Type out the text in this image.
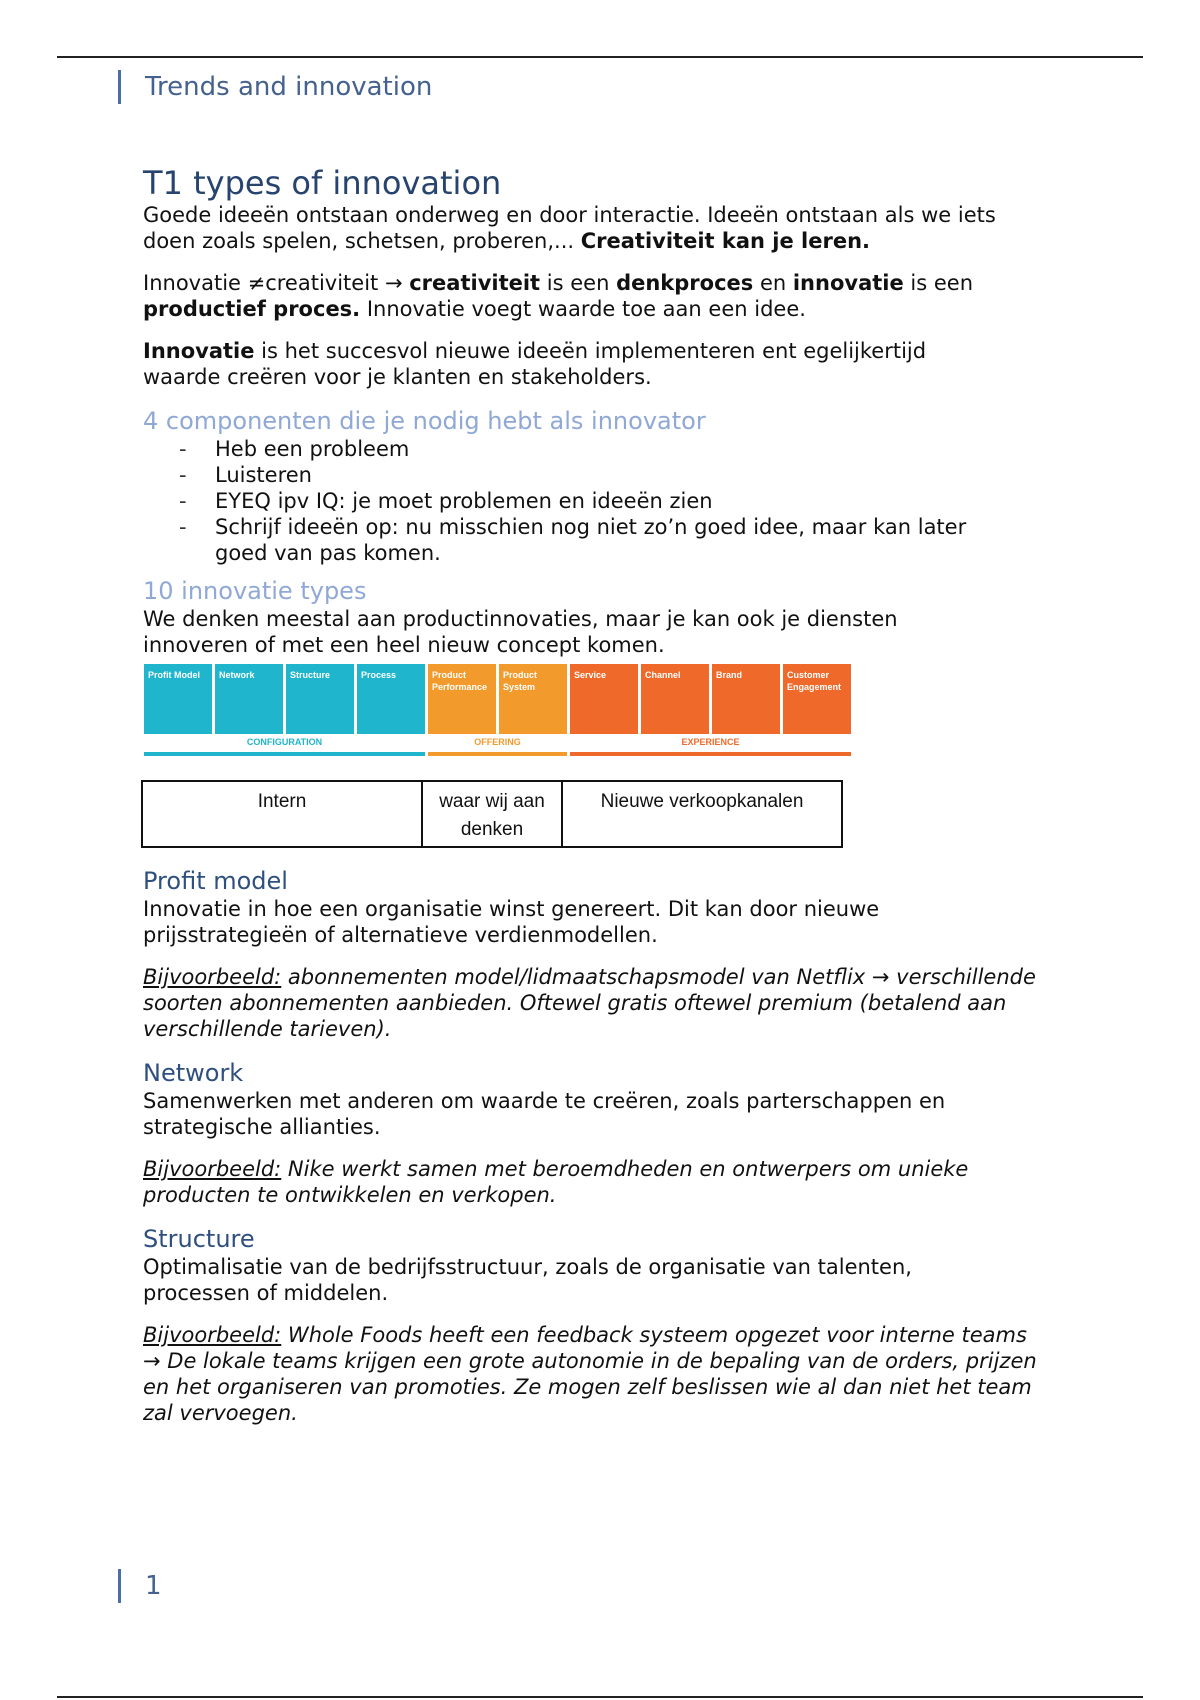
Trends and innovation
T1 types of innovation

Goede ideeën ontstaan onderweg en door interactie. Ideeën ontstaan als we iets doen zoals spelen, schetsen, proberen,... Creativiteit kan je leren.

Innovatie ≠creativiteit → creativiteit is een denkproces en innovatie is een
productief proces. Innovatie voegt waarde toe aan een idee.

Innovatie is het succesvol nieuwe ideeën implementeren ent egelijkertijd waarde creëren voor je klanten en stakeholders.

4 componenten die je nodig hebt als innovator
- Heb een probleem
- Luisteren
- EYEQ ipv IQ: je moet problemen en ideeën zien
- Schrijf ideeën op: nu misschien nog niet zo’n goed idee, maar kan later goed van pas komen.
10 innovatie types

We denken meestal aan productinnovaties, maar je kan ook je diensten innoveren of met een heel nieuw concept komen.

Profit Model	Network	Structure	Process	Product Performance
Product System
Service	Channel	Brand	Customer Engagement
CONFIGURATION	OFFERING	EXPERIENCE
Intern	waar wij aan denken	Nieuwe verkoopkanalen
Profit model

Innovatie in hoe een organisatie winst genereert. Dit kan door nieuwe prijsstrategieën of alternatieve verdienmodellen.

Bijvoorbeeld: abonnementen model/lidmaatschapsmodel van Netflix → verschillende soorten abonnementen aanbieden. Oftewel gratis oftewel premium (betalend aan verschillende tarieven).

Network

Samenwerken met anderen om waarde te creëren, zoals parterschappen en strategische allianties.

Bijvoorbeeld: Nike werkt samen met beroemdheden en ontwerpers om unieke producten te ontwikkelen en verkopen.

Structure

Optimalisatie van de bedrijfsstructuur, zoals de organisatie van talenten, processen of middelen.

Bijvoorbeeld: Whole Foods heeft een feedback systeem opgezet voor interne teams → De lokale teams krijgen een grote autonomie in de bepaling van de orders, prijzen en het organiseren van promoties. Ze mogen zelf beslissen wie al dan niet het team zal vervoegen.

1
